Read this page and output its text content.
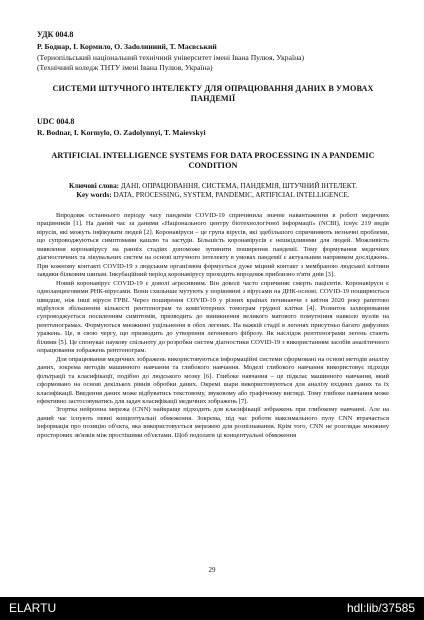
УДК 004.8
Р. Боднар, І. Кормило, О. Заdолинний, Т. Маєвський
(Тернопільський національний технічний університет імені Івана Пулюя, Україна)
(Технічний коледж ТНТУ імені Івана Пулюя, Україна)
СИСТЕМИ ШТУЧНОГО ІНТЕЛЕКТУ ДЛЯ ОПРАЦЮВАННЯ ДАНИХ В УМОВАХ ПАНДЕМІЇ
UDC 004.8
R. Bodnar, I. Kormylo, O. Zadolynnyi, T. Maievskyi
ARTIFICIAL INTELLIGENCE SYSTEMS FOR DATA PROCESSING IN A PANDEMIC CONDITION
Ключові слова: ДАНІ, ОПРАЦЮВАННЯ, СИСТЕМА, ПАНДЕМІЯ, ШТУЧНИЙ ІНТЕЛЕКТ.
Key words: DATA, PROCESSING, SYSTEM, PANDEMIC, ARTIFICIAL INTELLIGENCE.

Впродовж останнього періоду часу пандемія COVID-19 спричинила значне навантаження в роботі медичних працівників [1]. На даний час за даними «Національного центру біотехнологічної інформації» (NCBI), існує 219 видів вірусів, які можуть інфікувати людей [2]. Коронавіруси – це група вірусів, які здебільшого спричиняють незначні проблеми, що супроводжуються симптомами кашлю та застуди. Більшість коронавірусів є нешкідливими для людей. Можливість виявлення коронавірусу на ранніх стадіях допоможе зупинити поширення пандемії. Тому формування медичних діагностичних та лікувальних систем на основі штучного інтелекту в умовах пандемії є актуальним напрямком досліджень. При кожному контакті COVID-19 з людським організмом формується дуже міцний контакт з мембраною людської клітини завдяки білковим шипам. Інкубаційний період коронавірусу проходить впродовж приблизно п'яти днів [3].

Новий коронавірус COVID-19 є доволі агресивним. Він доволі часто спричиняє смерть пацієнтів. Коронавірусн є одноланцюговими РНК-вірусами. Вони схильнше мутують у порівнянні з вірусами на ДНК-основі. COVID-19 поширюється швидше, ніж інші вірусн ГРВІ. Через поширення COVID-19 у різних країнах починаючи з квітня 2020 року рапптово відбулося збільшення кількості рентгенограм та комп'ютерних томограм грудної клітки [4]. Розвиток захворювання супроводжується посиленням симптомів, призводить до виникнення великого матового помутніння навколо вузлів на рентгенограмах. Формуються множинні ущільнення в обох легенях. На важкій стадії в легенях присутньо багато дифузних уражень. Це, в свою чергу, що призводить до утворення легеневого фіброзу. Як наслідок рентгенограми легень стають білими [5]. Це спонукає наукову спільноту до розробки систем діагностики COVID-19 з використанням засобів аналітичного опрацювання зображень рентгенограм.

Для опрацювання медичних зображень використовуються інформаційні системи сформовані на основі методів аналізу даних, зокрема методів машинного навчання та глибокого навчання. Моделі глибокого навчання використовує підходи фільтрації та класифікації, подібно до людського мозку [6]. Глибоке навчання – це підклас машинного навчання, який сформовано на основі декількох рівнів обробки даних. Окремі шари використовуються для аналізу вхідних даних та їх класифікації. Введення даних може відбуватись текстовому, звуковому або графічному вигляді. Тому глибоке навчання може ефективно застосовуватись для задач класифікації медичних зображень [7].

Згортка нейронна мережа (CNN) найкраще підходить для класифікації зображень при глибокому навчанні. Але на даний час існують певні концептуальні обмеження. Зокрема, під час роботи максимального пулу CNN втрачається інформація про позицію об'єкта, яка використовується мережею для розпізнавання. Крім того, CNN не розглядає множину просторових зв'язків між простішими об'єктами. Щоб подолати ці концептуальні обмеження

29
ELARTU	hdl:lib/37585
